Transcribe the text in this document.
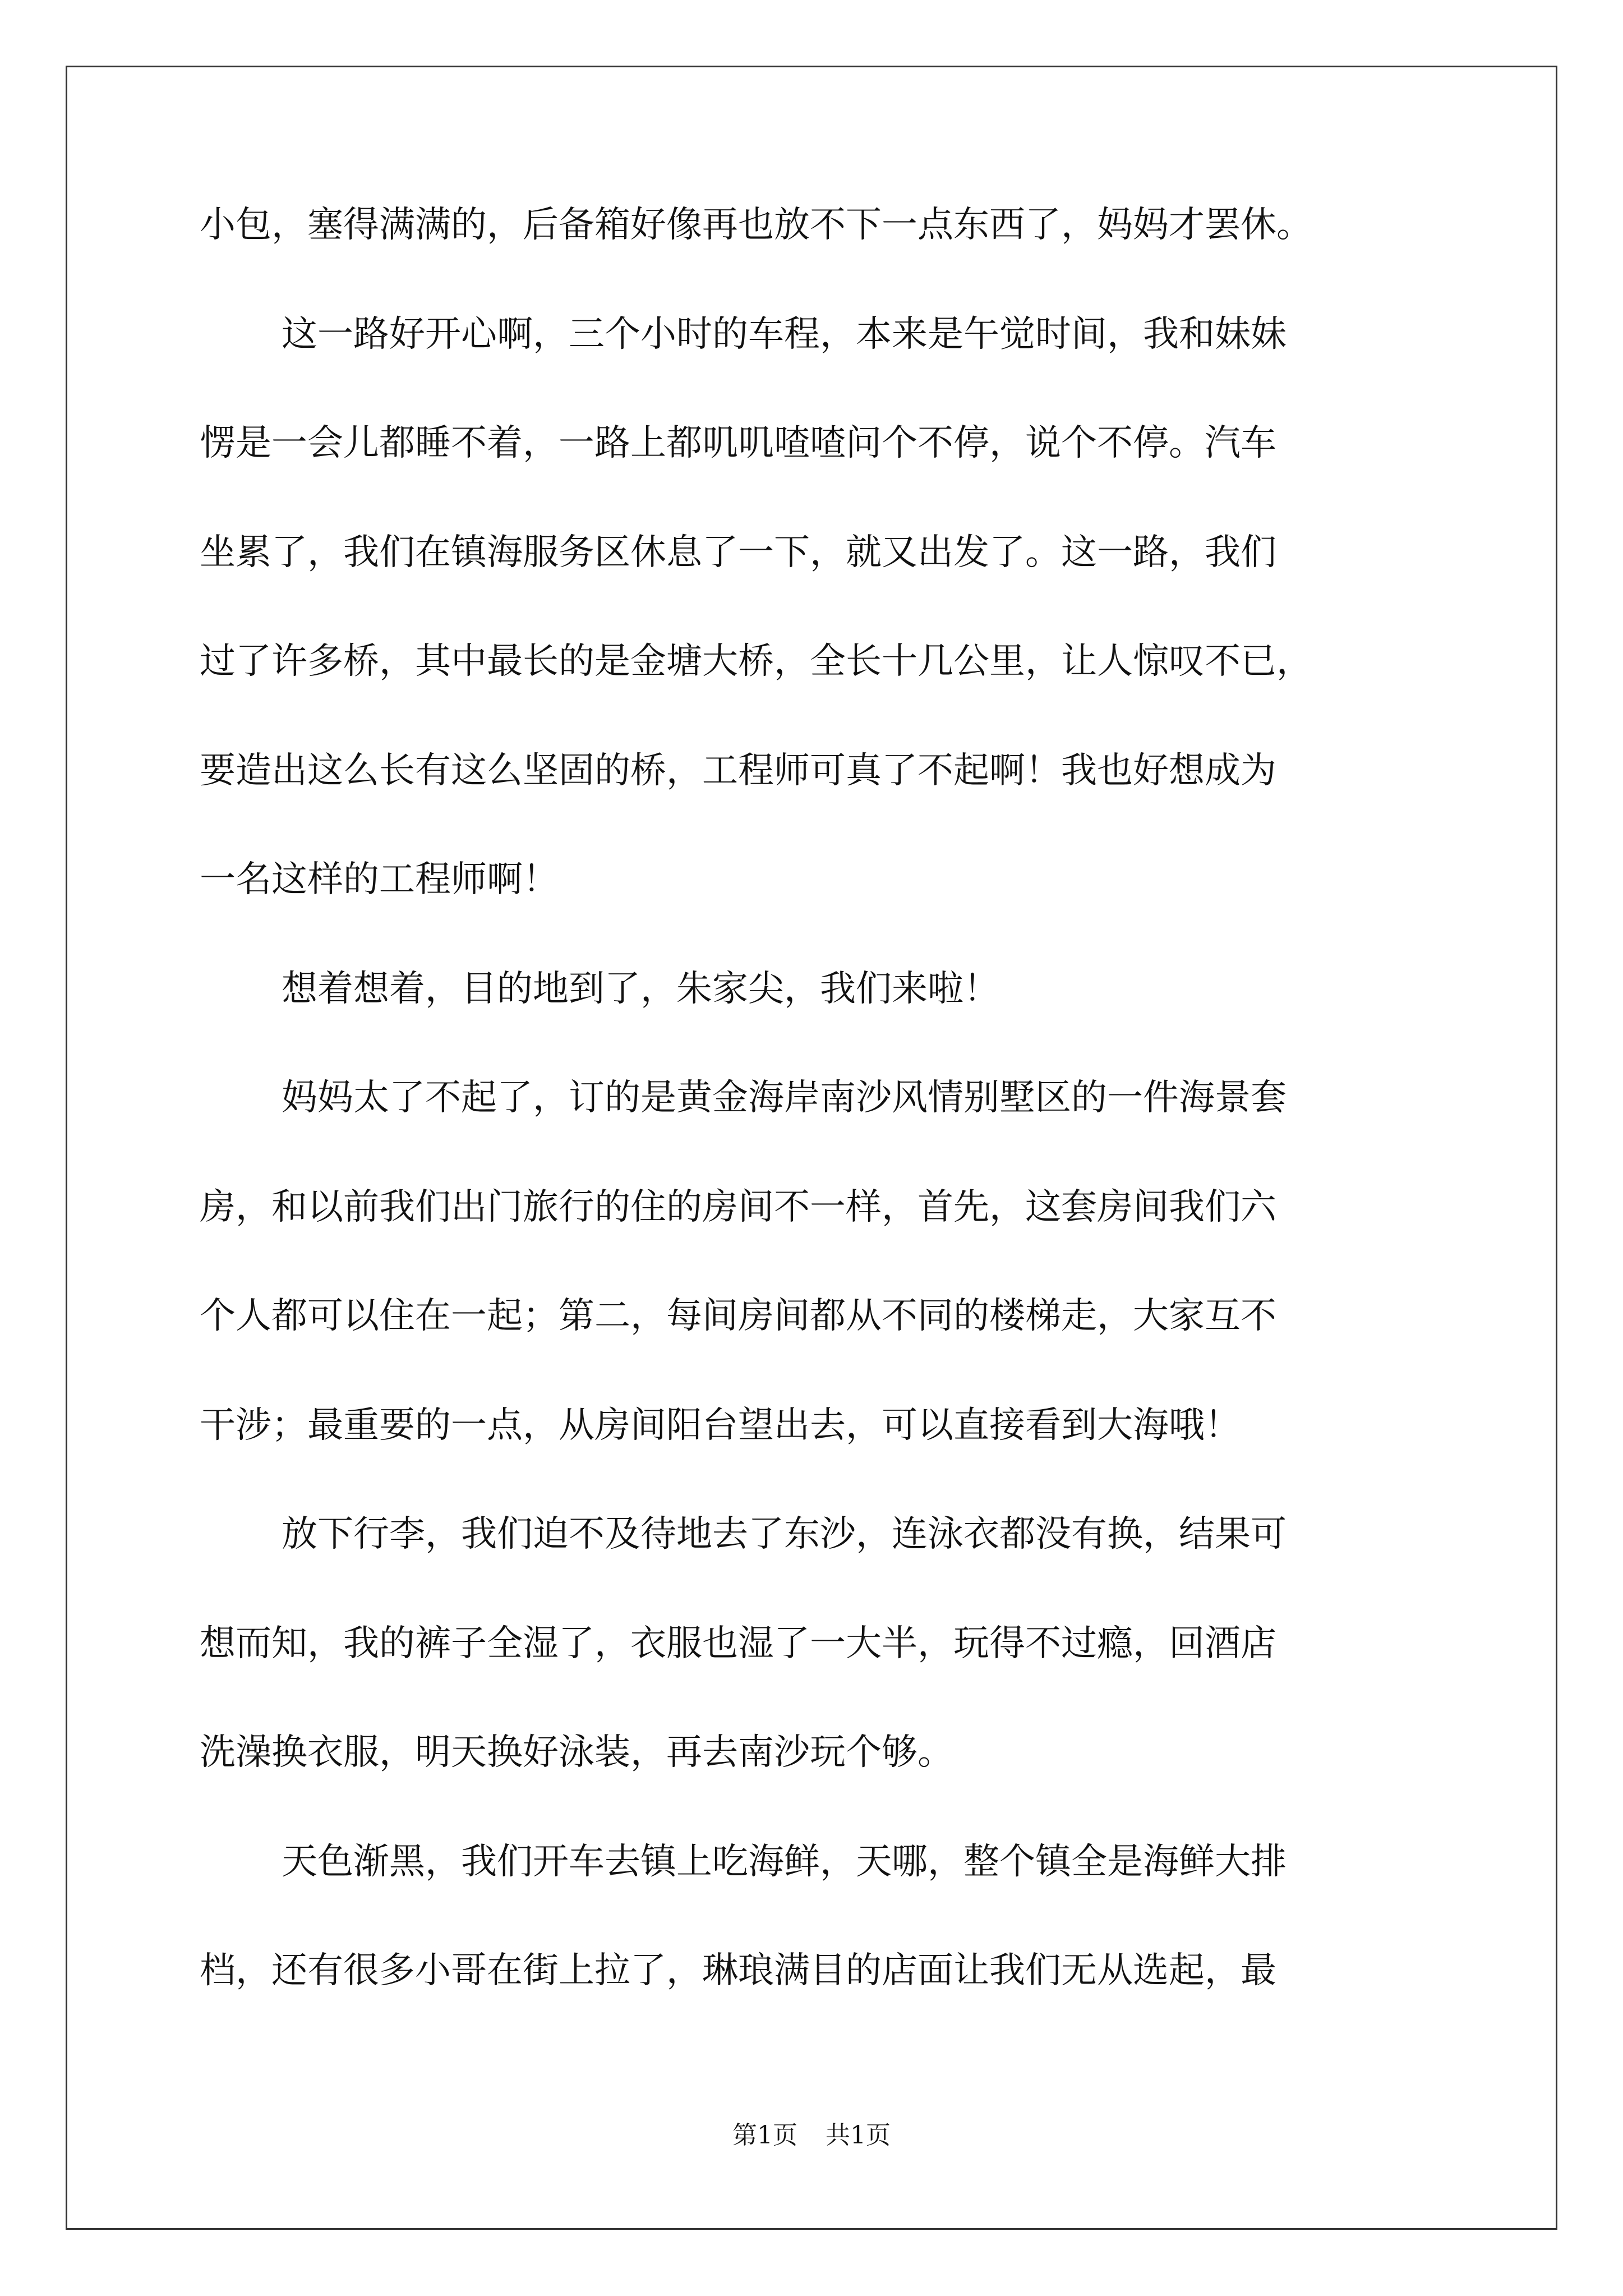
小包，塞得满满的，后备箱好像再也放不下一点东西了，妈妈才罢休。
这一路好开心啊，三个小时的车程，本来是午觉时间，我和妹妹
愣是一会儿都睡不着，一路上都叽叽喳喳问个不停，说个不停。汽车
坐累了，我们在镇海服务区休息了一下，就又出发了。这一路，我们
过了许多桥，其中最长的是金塘大桥，全长十几公里，让人惊叹不已，
要造出这么长有这么坚固的桥，工程师可真了不起啊！我也好想成为
一名这样的工程师啊！
想着想着，目的地到了，朱家尖，我们来啦！
妈妈太了不起了，订的是黄金海岸南沙风情别墅区的一件海景套
房，和以前我们出门旅行的住的房间不一样，首先，这套房间我们六
个人都可以住在一起；第二，每间房间都从不同的楼梯走，大家互不
干涉；最重要的一点，从房间阳台望出去，可以直接看到大海哦！
放下行李，我们迫不及待地去了东沙，连泳衣都没有换，结果可
想而知，我的裤子全湿了，衣服也湿了一大半，玩得不过瘾，回酒店
洗澡换衣服，明天换好泳装，再去南沙玩个够。
天色渐黑，我们开车去镇上吃海鲜，天哪，整个镇全是海鲜大排
档，还有很多小哥在街上拉了，琳琅满目的店面让我们无从选起，最
第1页 共1页
